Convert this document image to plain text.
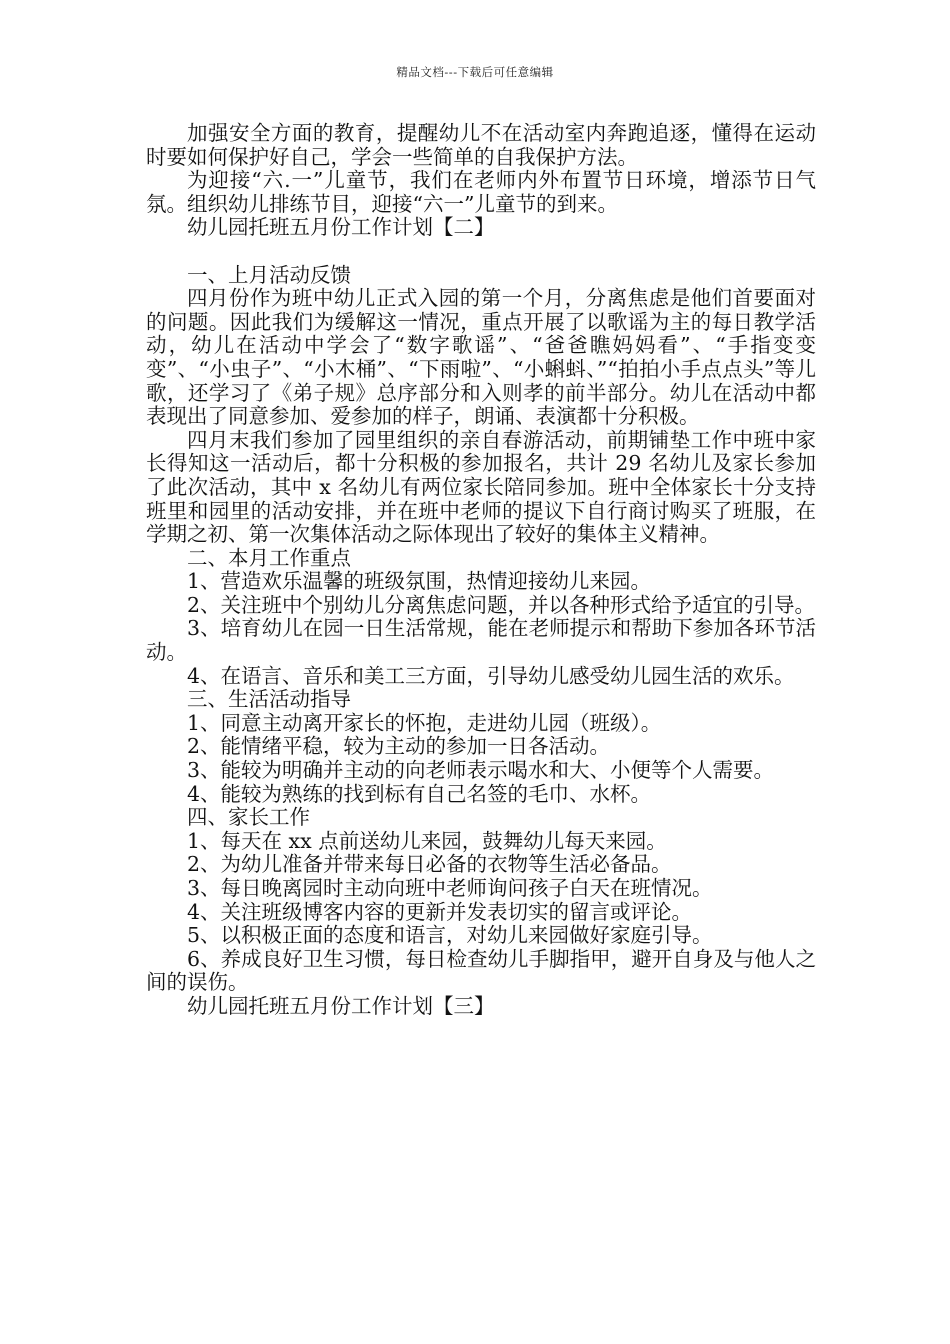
精品文档---下载后可任意编辑

加强安全方面的教育，提醒幼儿不在活动室内奔跑追逐，懂得在运动时要如何保护好自己，学会一些简单的自我保护方法。

为迎接“六.一”儿童节，我们在老师内外布置节日环境，增添节日气氛。组织幼儿排练节目，迎接“六一”儿童节的到来。

幼儿园托班五月份工作计划【二】

一、上月活动反馈

四月份作为班中幼儿正式入园的第一个月，分离焦虑是他们首要面对的问题。因此我们为缓解这一情况，重点开展了以歌谣为主的每日教学活动，幼儿在活动中学会了“数字歌谣”、“爸爸瞧妈妈看”、“手指变变变”、“小虫子”、“小木桶”、“下雨啦”、“小蝌蚪、”“拍拍小手点点头”等儿歌，还学习了《弟子规》总序部分和入则孝的前半部分。幼儿在活动中都表现出了同意参加、爱参加的样子，朗诵、表演都十分积极。

四月末我们参加了园里组织的亲自春游活动，前期铺垫工作中班中家长得知这一活动后，都十分积极的参加报名，共计 29 名幼儿及家长参加了此次活动，其中 x 名幼儿有两位家长陪同参加。班中全体家长十分支持班里和园里的活动安排，并在班中老师的提议下自行商讨购买了班服，在学期之初、第一次集体活动之际体现出了较好的集体主义精神。

二、本月工作重点

1、营造欢乐温馨的班级氛围，热情迎接幼儿来园。

2、关注班中个别幼儿分离焦虑问题，并以各种形式给予适宜的引导。

3、培育幼儿在园一日生活常规，能在老师提示和帮助下参加各环节活动。

4、在语言、音乐和美工三方面，引导幼儿感受幼儿园生活的欢乐。

三、生活活动指导

1、同意主动离开家长的怀抱，走进幼儿园（班级）。

2、能情绪平稳，较为主动的参加一日各活动。

3、能较为明确并主动的向老师表示喝水和大、小便等个人需要。

4、能较为熟练的找到标有自己名签的毛巾、水杯。

四、家长工作

1、每天在 xx 点前送幼儿来园，鼓舞幼儿每天来园。

2、为幼儿准备并带来每日必备的衣物等生活必备品。

3、每日晚离园时主动向班中老师询问孩子白天在班情况。

4、关注班级博客内容的更新并发表切实的留言或评论。

5、以积极正面的态度和语言，对幼儿来园做好家庭引导。

6、养成良好卫生习惯，每日检查幼儿手脚指甲，避开自身及与他人之间的误伤。

幼儿园托班五月份工作计划【三】
